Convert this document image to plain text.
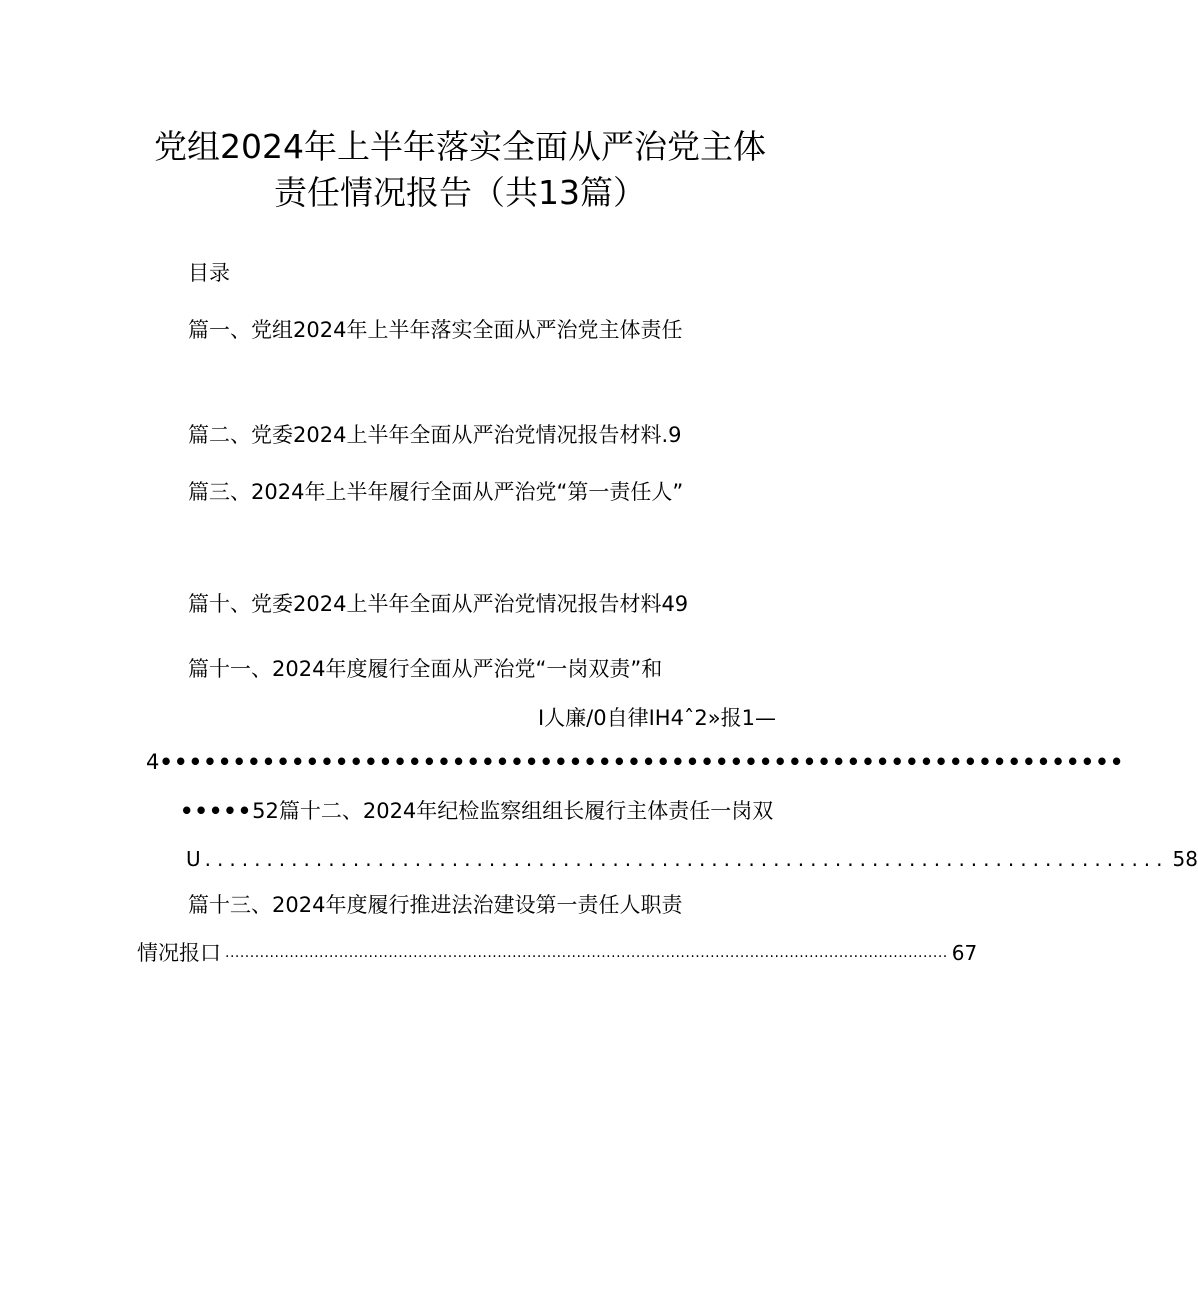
党组2024年上半年落实全面从严治党主体
责任情况报告（共13篇）
目录
篇一、党组2024年上半年落实全面从严治党主体责任
篇二、党委2024上半年全面从严治党情况报告材料.9
篇三、2024年上半年履行全面从严治党“第一责任人”
篇十、党委2024上半年全面从严治党情况报告材料49
篇十一、2024年度履行全面从严治党“一岗双责”和
I人廉/0自律IH4ˆ2»报1—
4••••••••••••••••••••••••••••••••••••••••••••••••••••••••••••••••••
•••••52篇十二、2024年纪检监察组组长履行主体责任一岗双
U .............................................................................. 58
篇十三、2024年度履行推进法治建设第一责任人职责
情况报口 .................................................................................................................................................. 67
